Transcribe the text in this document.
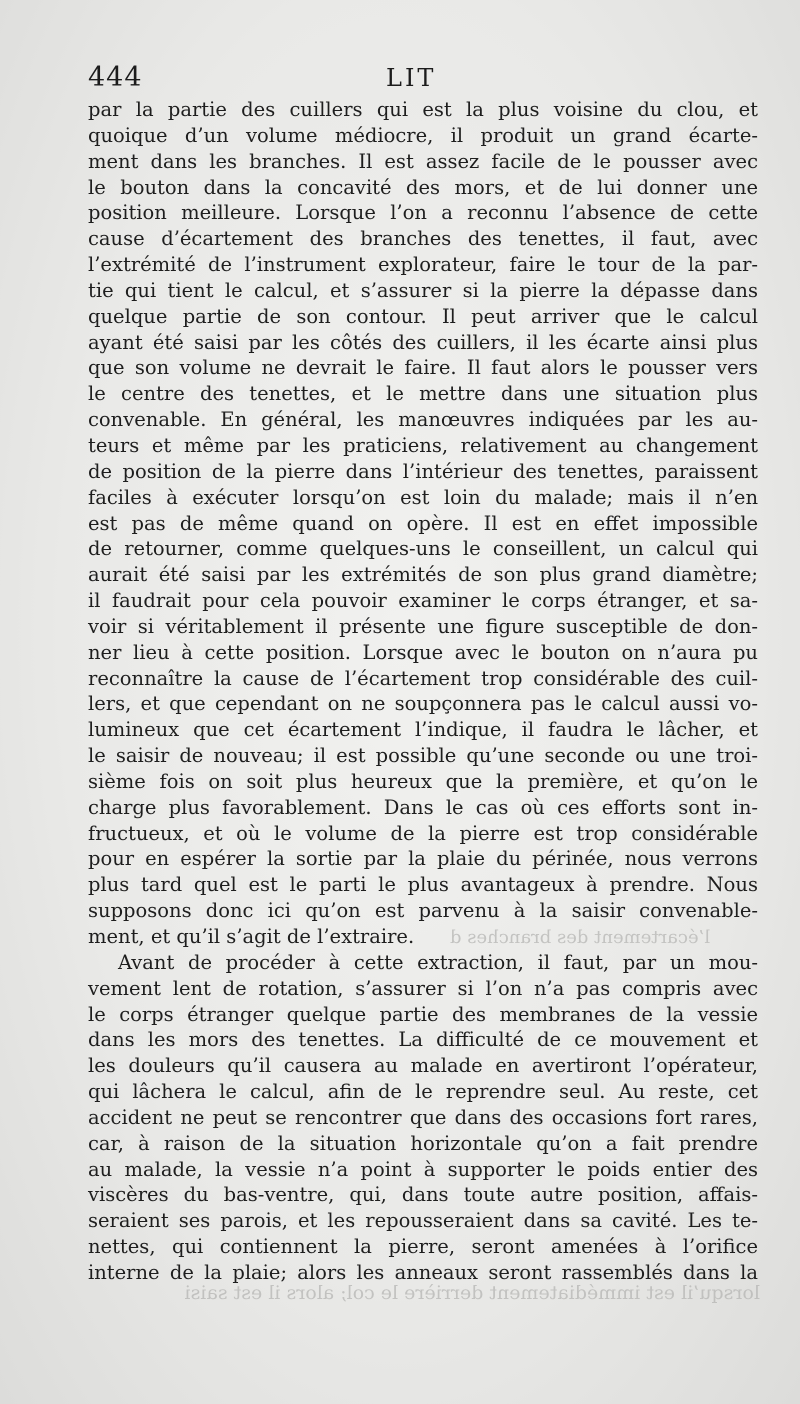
444	LIT
l’écartement des branches d
par la partie des cuillers qui est la plus voisine du clou, et
quoique d’un volume médiocre, il produit un grand écarte-
ment dans les branches. Il est assez facile de le pousser avec
le bouton dans la concavité des mors, et de lui donner une
position meilleure. Lorsque l’on a reconnu l’absence de cette
cause d’écartement des branches des tenettes, il faut, avec
l’extrémité de l’instrument explorateur, faire le tour de la par-
tie qui tient le calcul, et s’assurer si la pierre la dépasse dans
quelque partie de son contour. Il peut arriver que le calcul
ayant été saisi par les côtés des cuillers, il les écarte ainsi plus
que son volume ne devrait le faire. Il faut alors le pousser vers
le centre des tenettes, et le mettre dans une situation plus
convenable. En général, les manœuvres indiquées par les au-
teurs et même par les praticiens, relativement au changement
de position de la pierre dans l’intérieur des tenettes, paraissent
faciles à exécuter lorsqu’on est loin du malade; mais il n’en
est pas de même quand on opère. Il est en effet impossible
de retourner, comme quelques-uns le conseillent, un calcul qui
aurait été saisi par les extrémités de son plus grand diamètre;
il faudrait pour cela pouvoir examiner le corps étranger, et sa-
voir si véritablement il présente une figure susceptible de don-
ner lieu à cette position. Lorsque avec le bouton on n’aura pu
reconnaître la cause de l’écartement trop considérable des cuil-
lers, et que cependant on ne soupçonnera pas le calcul aussi vo-
lumineux que cet écartement l’indique, il faudra le lâcher, et
le saisir de nouveau; il est possible qu’une seconde ou une troi-
sième fois on soit plus heureux que la première, et qu’on le
charge plus favorablement. Dans le cas où ces efforts sont in-
fructueux, et où le volume de la pierre est trop considérable
pour en espérer la sortie par la plaie du périnée, nous verrons
plus tard quel est le parti le plus avantageux à prendre. Nous
supposons donc ici qu’on est parvenu à la saisir convenable-
ment, et qu’il s’agit de l’extraire.
Avant de procéder à cette extraction, il faut, par un mou-
vement lent de rotation, s’assurer si l’on n’a pas compris avec
le corps étranger quelque partie des membranes de la vessie
dans les mors des tenettes. La difficulté de ce mouvement et
les douleurs qu’il causera au malade en avertiront l’opérateur,
qui lâchera le calcul, afin de le reprendre seul. Au reste, cet
accident ne peut se rencontrer que dans des occasions fort rares,
car, à raison de la situation horizontale qu’on a fait prendre
au malade, la vessie n’a point à supporter le poids entier des
viscères du bas-ventre, qui, dans toute autre position, affais-
seraient ses parois, et les repousseraient dans sa cavité. Les te-
nettes, qui contiennent la pierre, seront amenées à l’orifice
interne de la plaie; alors les anneaux seront rassemblés dans la
lorsqu’il est immédiatement derrière le col; alors il est saisi
